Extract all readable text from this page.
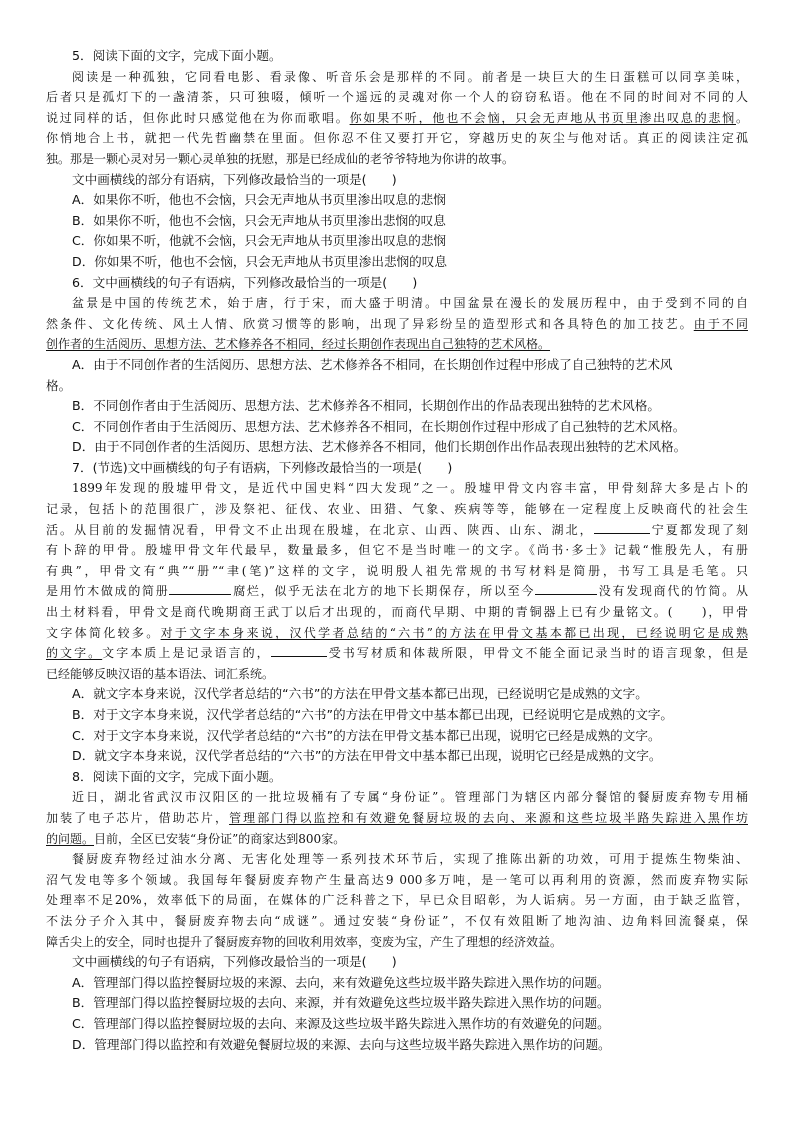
5．阅读下面的文字，完成下面小题。
阅读是一种孤独，它同看电影、看录像、听音乐会是那样的不同。前者是一块巨大的生日蛋糕可以同享美味，
后者只是孤灯下的一盏清茶，只可独啜，倾听一个遥远的灵魂对你一个人的窃窃私语。他在不同的时间对不同的人
说过同样的话，但你此时只感觉他在为你而歌唱。你如果不听，他也不会恼，只会无声地从书页里渗出叹息的悲悯。
你悄地合上书，就把一代先哲幽禁在里面。但你忍不住又要打开它，穿越历史的灰尘与他对话。真正的阅读注定孤
独。那是一颗心灵对另一颗心灵单独的抚慰，那是已经成仙的老爷爷特地为你讲的故事。
文中画横线的部分有语病，下列修改最恰当的一项是(　　)
A．如果你不听，他也不会恼，只会无声地从书页里渗出叹息的悲悯
B．如果你不听，他也不会恼，只会无声地从书页里渗出悲悯的叹息
C．你如果不听，他就不会恼，只会无声地从书页里渗出叹息的悲悯
D．你如果不听，他也不会恼，只会无声地从书页里渗出悲悯的叹息
6．文中画横线的句子有语病，下列修改最恰当的一项是(　　)
盆景是中国的传统艺术，始于唐，行于宋，而大盛于明清。中国盆景在漫长的发展历程中，由于受到不同的自
然条件、文化传统、风土人情、欣赏习惯等的影响，出现了异彩纷呈的造型形式和各具特色的加工技艺。由于不同
创作者的生活阅历、思想方法、艺术修养各不相同，经过长期创作表现出自己独特的艺术风格。
A．由于不同创作者的生活阅历、思想方法、艺术修养各不相同，在长期创作过程中形成了自己独特的艺术风
格。
B．不同创作者由于生活阅历、思想方法、艺术修养各不相同，长期创作出的作品表现出独特的艺术风格。
C．不同创作者由于生活阅历、思想方法、艺术修养各不相同，在长期创作过程中形成了自己独特的艺术风格。
D．由于不同创作者的生活阅历、思想方法、艺术修养各不相同，他们长期创作出作品表现出独特的艺术风格。
7．(节选)文中画横线的句子有语病，下列修改最恰当的一项是(　　)
1899年发现的殷墟甲骨文，是近代中国史料“四大发现”之一。殷墟甲骨文内容丰富，甲骨刻辞大多是占卜的
记录，包括卜的范围很广，涉及祭祀、征伐、农业、田猎、气象、疾病等等，能够在一定程度上反映商代的社会生
活。从目前的发掘情况看，甲骨文不止出现在殷墟，在北京、山西、陕西、山东、湖北，	宁夏都发现了刻
有卜辞的甲骨。殷墟甲骨文年代最早，数量最多，但它不是当时唯一的文字。《尚书·多士》记载“惟殷先人，有册
有典”，甲骨文有“典”“册”“聿(笔)”这样的文字，说明殷人祖先常规的书写材料是简册，书写工具是毛笔。只
是用竹木做成的简册	腐烂，似乎无法在北方的地下长期保存，所以至今	没有发现商代的竹简。从
出土材料看，甲骨文是商代晚期商王武丁以后才出现的，而商代早期、中期的青铜器上已有少量铭文。(　　)，甲骨
文字体简化较多。对于文字本身来说，汉代学者总结的“六书”的方法在甲骨文基本都已出现，已经说明它是成熟
的文字。文字本质上是记录语言的，	受书写材质和体裁所限，甲骨文不能全面记录当时的语言现象，但是
已经能够反映汉语的基本语法、词汇系统。
A．就文字本身来说，汉代学者总结的“六书”的方法在甲骨文基本都已出现，已经说明它是成熟的文字。
B．对于文字本身来说，汉代学者总结的“六书”的方法在甲骨文中基本都已出现，已经说明它是成熟的文字。
C．对于文字本身来说，汉代学者总结的“六书”的方法在甲骨文基本都已出现，说明它已经是成熟的文字。
D．就文字本身来说，汉代学者总结的“六书”的方法在甲骨文中基本都已出现，说明它已经是成熟的文字。
8．阅读下面的文字，完成下面小题。
近日，湖北省武汉市汉阳区的一批垃圾桶有了专属“身份证”。管理部门为辖区内部分餐馆的餐厨废弃物专用桶
加装了电子芯片，借助芯片，管理部门得以监控和有效避免餐厨垃圾的去向、来源和这些垃圾半路失踪进入黑作坊
的问题。目前，全区已安装“身份证”的商家达到800家。
餐厨废弃物经过油水分离、无害化处理等一系列技术环节后，实现了推陈出新的功效，可用于提炼生物柴油、
沼气发电等多个领域。我国每年餐厨废弃物产生量高达9 000多万吨，是一笔可以再利用的资源，然而废弃物实际
处理率不足20%，效率低下的局面，在媒体的广泛科普之下，早已众目昭彰，为人诟病。另一方面，由于缺乏监管，
不法分子介入其中，餐厨废弃物去向“成谜”。通过安装“身份证”，不仅有效阻断了地沟油、边角料回流餐桌，保
障舌尖上的安全，同时也提升了餐厨废弃物的回收利用效率，变废为宝，产生了理想的经济效益。
文中画横线的句子有语病，下列修改最恰当的一项是(　　)
A．管理部门得以监控餐厨垃圾的来源、去向，来有效避免这些垃圾半路失踪进入黑作坊的问题。
B．管理部门得以监控餐厨垃圾的去向、来源，并有效避免这些垃圾半路失踪进入黑作坊的问题。
C．管理部门得以监控餐厨垃圾的去向、来源及这些垃圾半路失踪进入黑作坊的有效避免的问题。
D．管理部门得以监控和有效避免餐厨垃圾的来源、去向与这些垃圾半路失踪进入黑作坊的问题。
